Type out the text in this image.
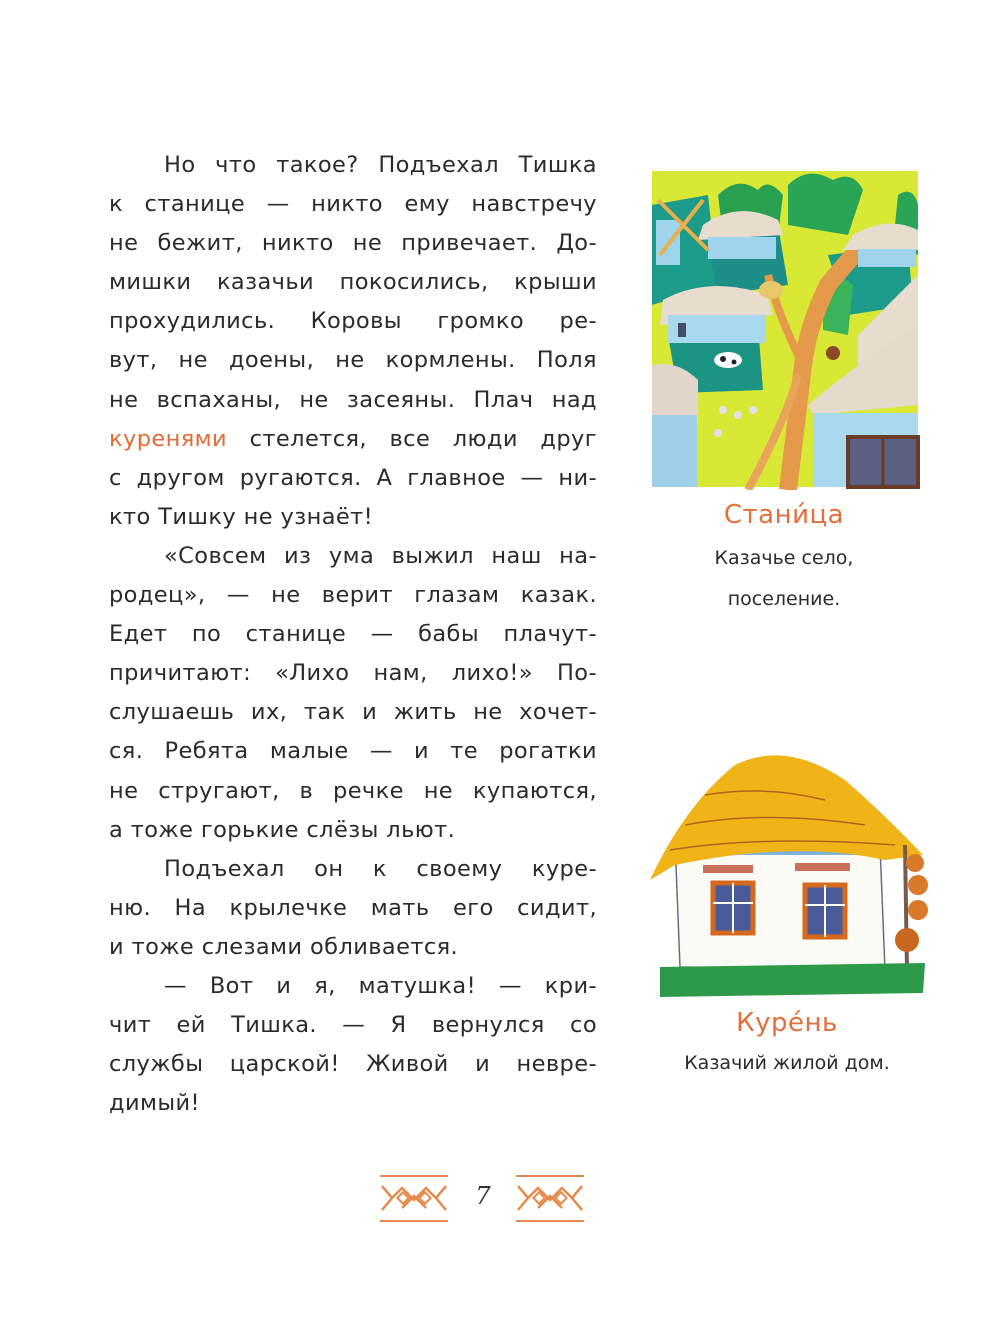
Но что такое? Подъехал Тишка
к станице — никто ему навстречу
не бежит, никто не привечает. До-
мишки казачьи покосились, крыши
прохудились. Коровы громко ре-
вут, не доены, не кормлены. Поля
не вспаханы, не засеяны. Плач над
куренями стелется, все люди друг
с другом ругаются. А главное — ни-
кто Тишку не узнаёт!
«Совсем из ума выжил наш на-
родец», — не верит глазам казак.
Едет по станице — бабы плачут-
причитают: «Лихо нам, лихо!» По-
слушаешь их, так и жить не хочет-
ся. Ребята малые — и те рогатки
не стругают, в речке не купаются,
а тоже горькие слёзы льют.
Подъехал он к своему куре-
ню. На крылечке мать его сидит,
и тоже слезами обливается.
— Вот и я, матушка! — кри-
чит ей Тишка. — Я вернулся со
службы царской! Живой и невре-
димый!
Стани́ца
Казачье село,
поселение.
Куре́нь
Казачий жилой дом.
7
